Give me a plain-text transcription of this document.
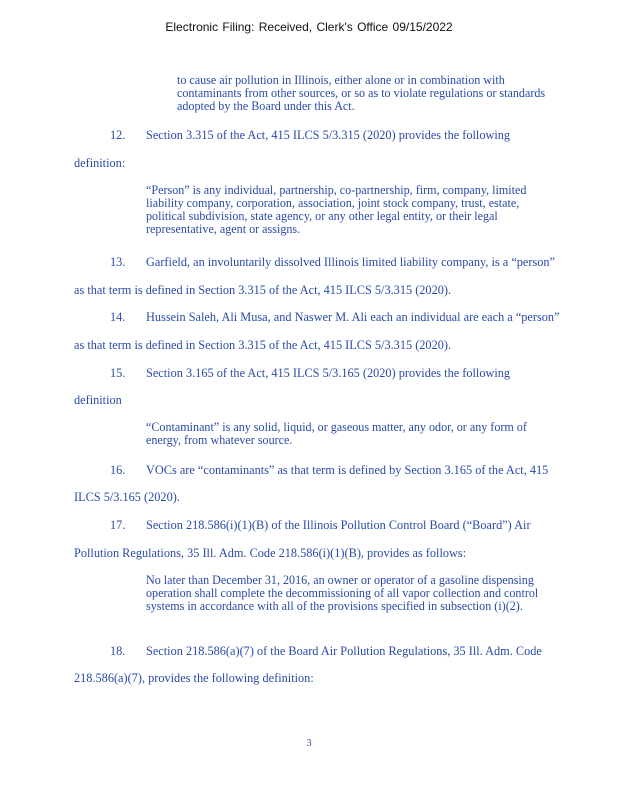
Electronic Filing: Received, Clerk's Office 09/15/2022
to cause air pollution in Illinois, either alone or in combination with contaminants from other sources, or so as to violate regulations or standards adopted by the Board under this Act.
12. Section 3.315 of the Act, 415 ILCS 5/3.315 (2020) provides the following
definition:
“Person” is any individual, partnership, co-partnership, firm, company, limited liability company, corporation, association, joint stock company, trust, estate, political subdivision, state agency, or any other legal entity, or their legal representative, agent or assigns.
13. Garfield, an involuntarily dissolved Illinois limited liability company, is a “person”
as that term is defined in Section 3.315 of the Act, 415 ILCS 5/3.315 (2020).
14. Hussein Saleh, Ali Musa, and Naswer M. Ali each an individual are each a “person”
as that term is defined in Section 3.315 of the Act, 415 ILCS 5/3.315 (2020).
15. Section 3.165 of the Act, 415 ILCS 5/3.165 (2020) provides the following
definition
“Contaminant” is any solid, liquid, or gaseous matter, any odor, or any form of energy, from whatever source.
16. VOCs are “contaminants” as that term is defined by Section 3.165 of the Act, 415
ILCS 5/3.165 (2020).
17. Section 218.586(i)(1)(B) of the Illinois Pollution Control Board (“Board”) Air
Pollution Regulations, 35 Ill. Adm. Code 218.586(i)(1)(B), provides as follows:
No later than December 31, 2016, an owner or operator of a gasoline dispensing operation shall complete the decommissioning of all vapor collection and control systems in accordance with all of the provisions specified in subsection (i)(2).
18. Section 218.586(a)(7) of the Board Air Pollution Regulations, 35 Ill. Adm. Code
218.586(a)(7), provides the following definition:
3
